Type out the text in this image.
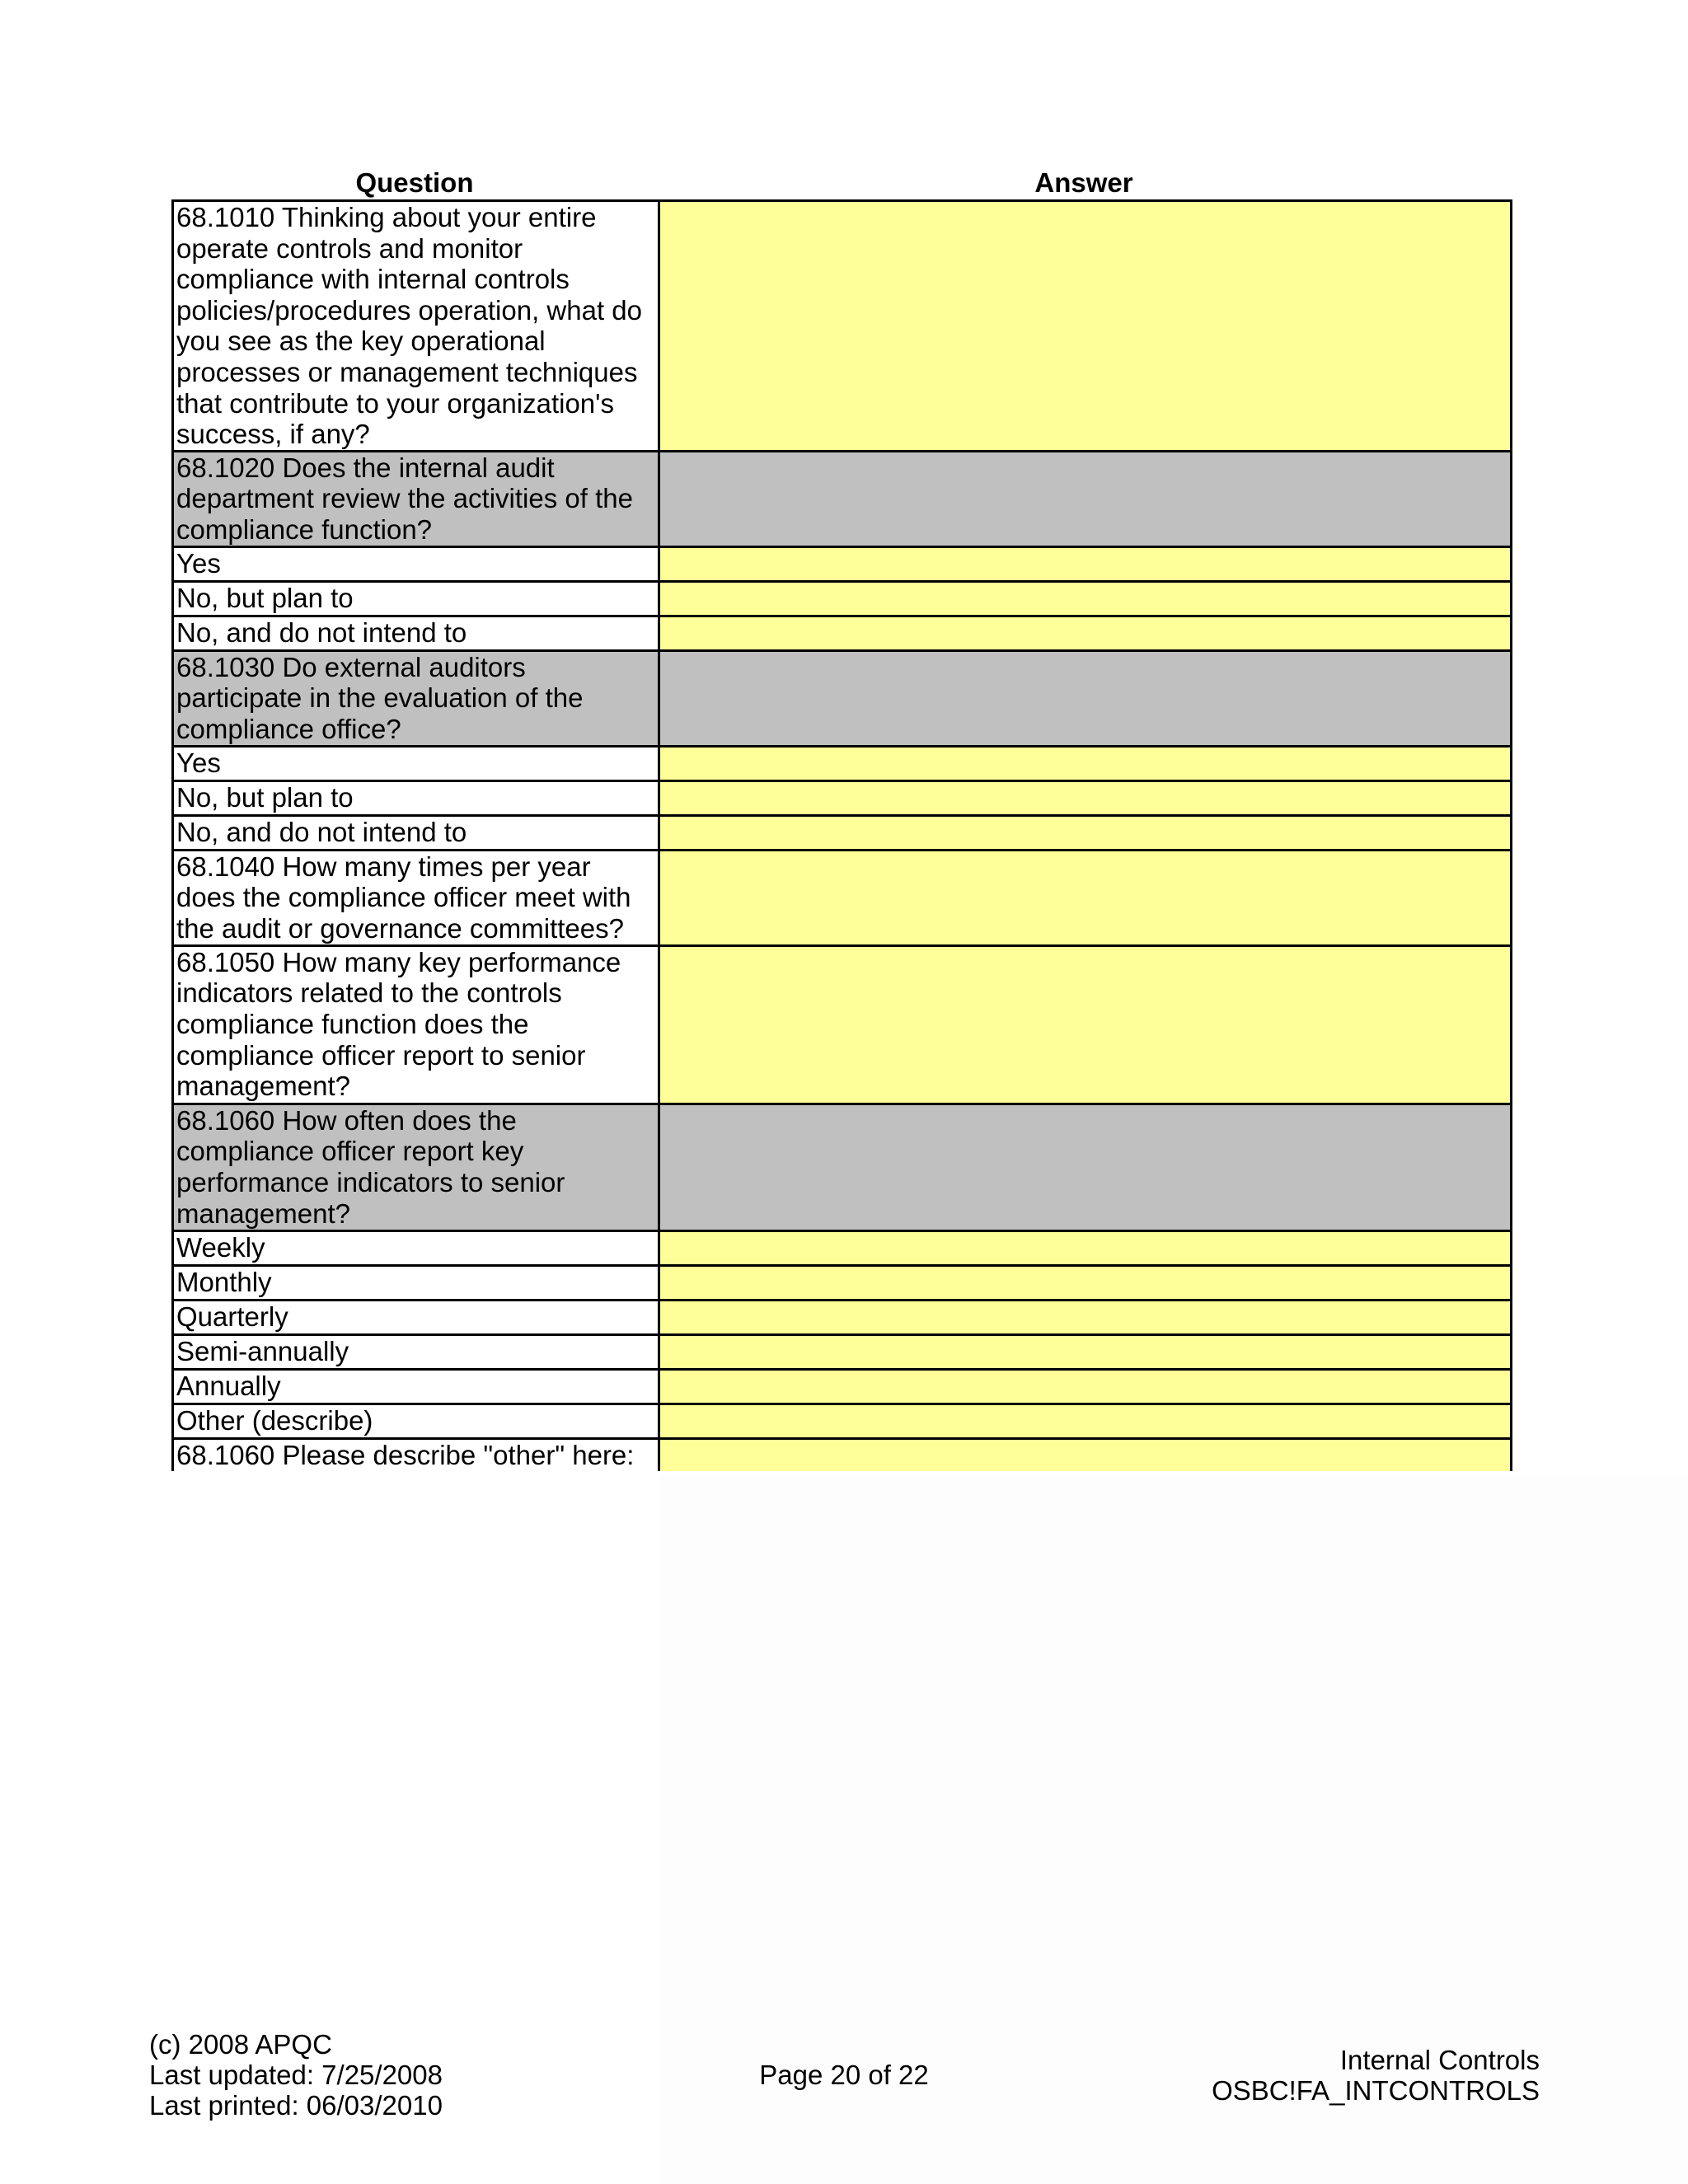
Question	Answer
68.1010 Thinking about your entire operate controls and monitor compliance with internal controls policies/procedures operation, what do you see as the key operational processes or management techniques that contribute to your organization's success, if any?	
68.1020 Does the internal audit department review the activities of the compliance function?	
Yes	
No, but plan to	
No, and do not intend to	
68.1030 Do external auditors participate in the evaluation of the compliance office?	
Yes	
No, but plan to	
No, and do not intend to	
68.1040 How many times per year does the compliance officer meet with the audit or governance committees?	
68.1050 How many key performance indicators related to the controls compliance function does the compliance officer report to senior management?	
68.1060 How often does the compliance officer report key performance indicators to senior management?	
Weekly	
Monthly	
Quarterly	
Semi-annually	
Annually	
Other (describe)	
68.1060 Please describe "other" here:	
(c) 2008 APQC
Last updated: 7/25/2008
Last printed: 06/03/2010
Page 20 of 22	Internal Controls
OSBC!FA_INTCONTROLS
